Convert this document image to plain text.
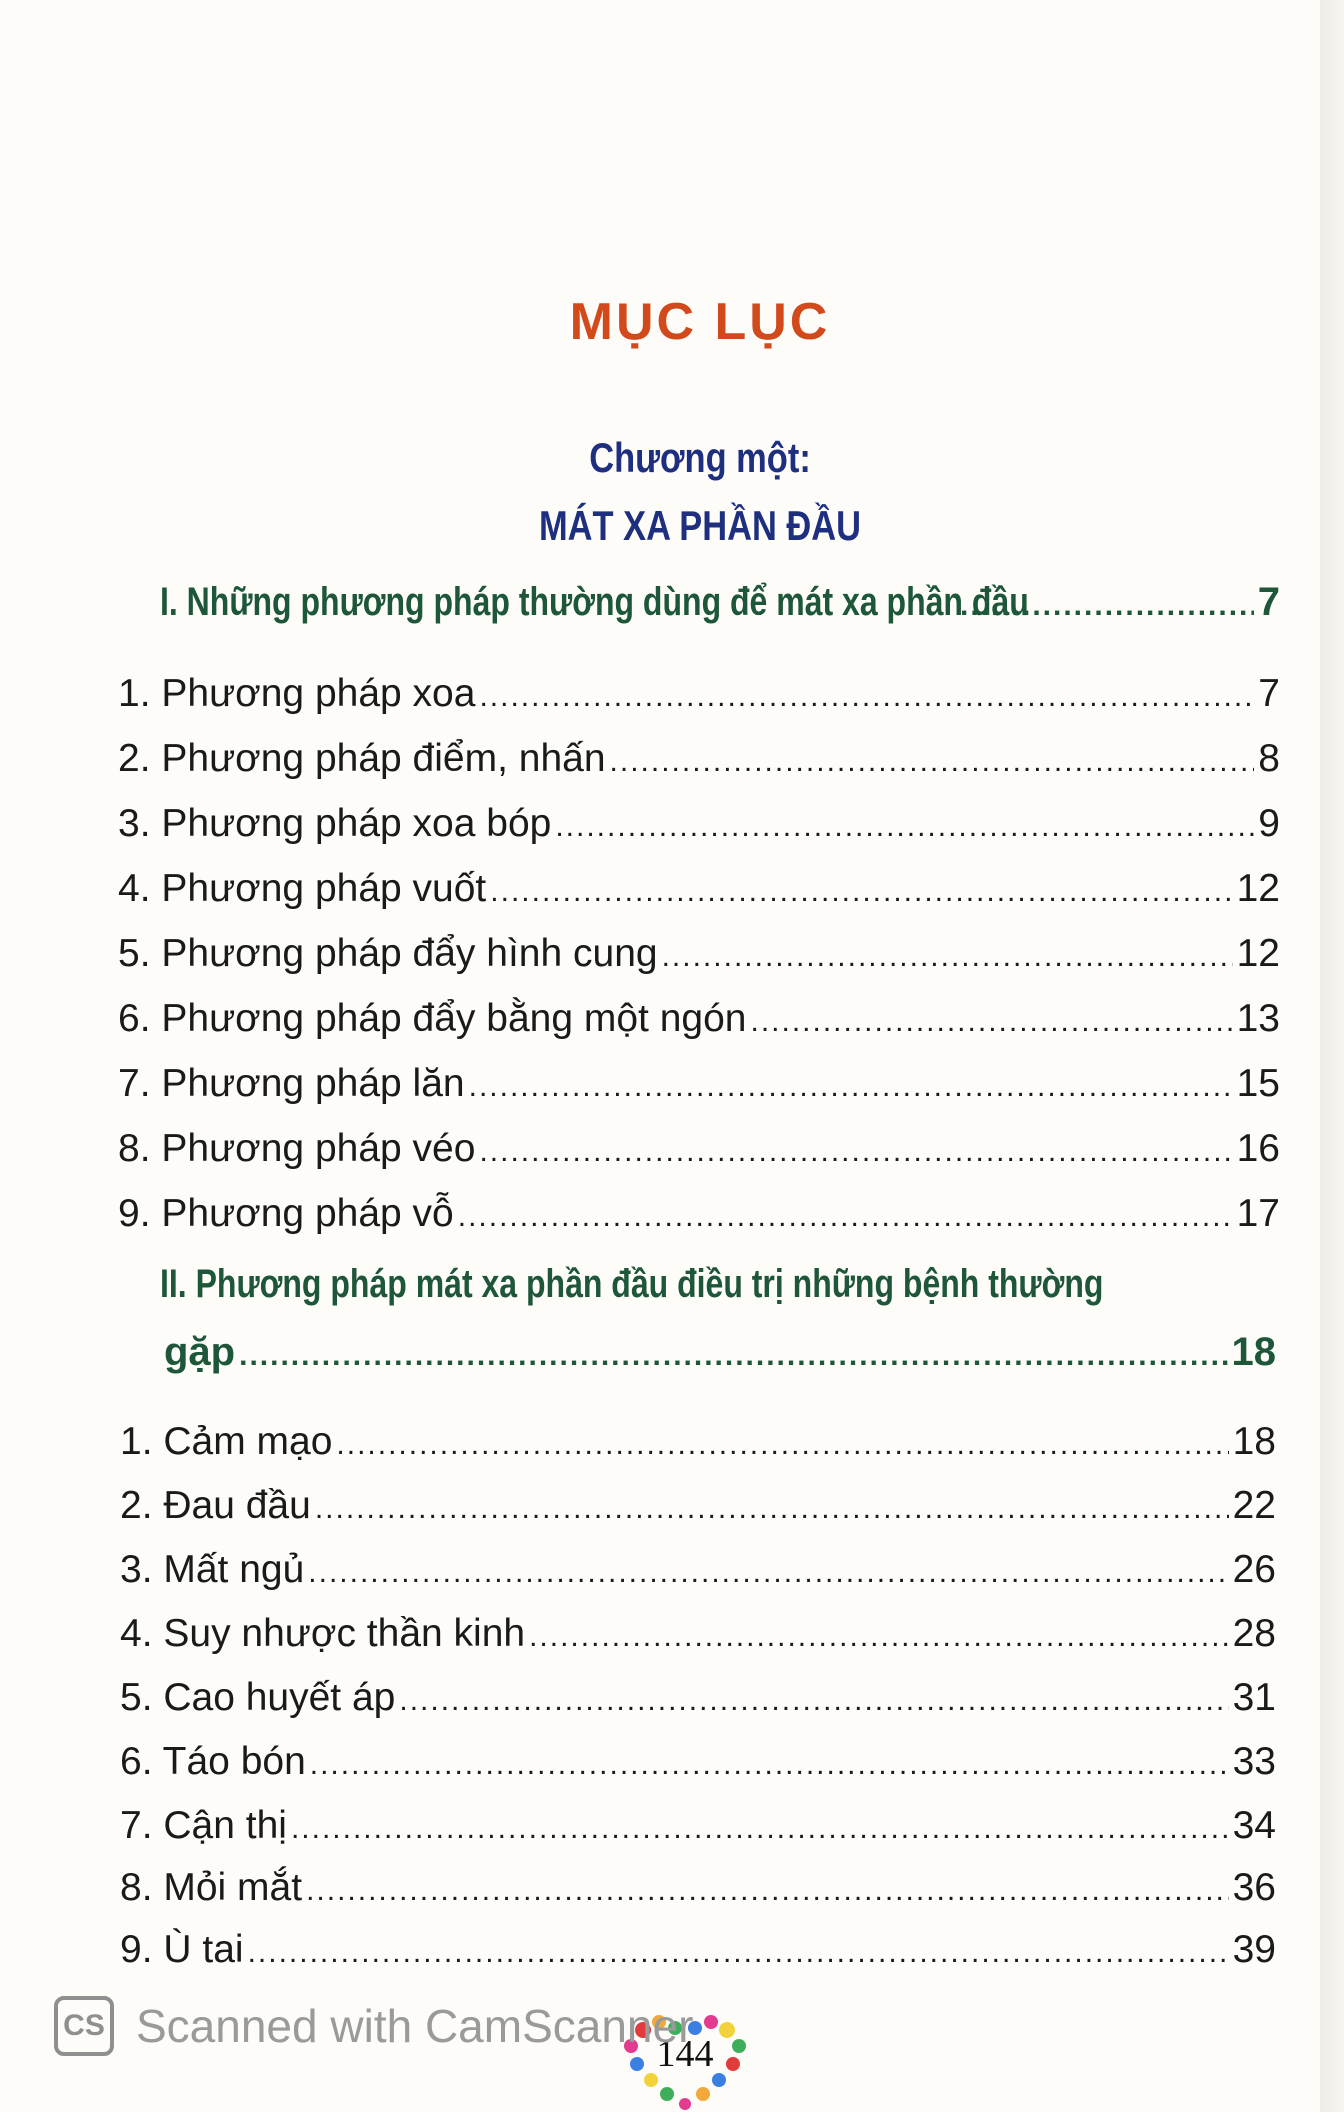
MỤC LỤC
Chương một:
MÁT XA PHẦN ĐẦU
I. Những phương pháp thường dùng để mát xa phần đầu .....	7
1. Phương pháp xoa .....	7
2. Phương pháp điểm, nhấn .....	8
3. Phương pháp xoa bóp .....	9
4. Phương pháp vuốt .....	12
5. Phương pháp đẩy hình cung .....	12
6. Phương pháp đẩy bằng một ngón .....	13
7. Phương pháp lăn .....	15
8. Phương pháp véo .....	16
9. Phương pháp vỗ .....	17
II. Phương pháp mát xa phần đầu điều trị những bệnh thường
gặp .....	18
1. Cảm mạo .....	18
2. Đau đầu .....	22
3. Mất ngủ .....	26
4. Suy nhược thần kinh .....	28
5. Cao huyết áp .....	31
6. Táo bón .....	33
7. Cận thị .....	34
8. Mỏi mắt .....	36
9. Ù tai .....	39
144
CS Scanned with CamScanner
